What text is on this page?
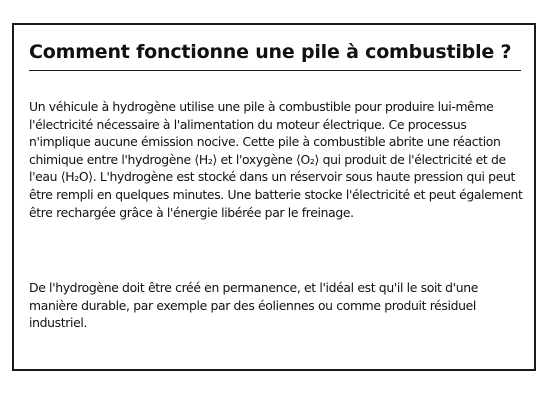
Comment fonctionne une pile à combustible ?

Un véhicule à hydrogène utilise une pile à combustible pour produire lui-même l'électricité nécessaire à l'alimentation du moteur électrique. Ce processus n'implique aucune émission nocive. Cette pile à combustible abrite une réaction chimique entre l'hydrogène ⟨H₂⟩ et l'oxygène ⟨O₂⟩ qui produit de l'électricité et de l'eau ⟨H₂O⟩. L'hydrogène est stocké dans un réservoir sous haute pression qui peut être rempli en quelques minutes. Une batterie stocke l'électricité et peut également être rechargée grâce à l'énergie libérée par le freinage.

De l'hydrogène doit être créé en permanence, et l'idéal est qu'il le soit d'une manière durable, par exemple par des éoliennes ou comme produit résiduel industriel.
